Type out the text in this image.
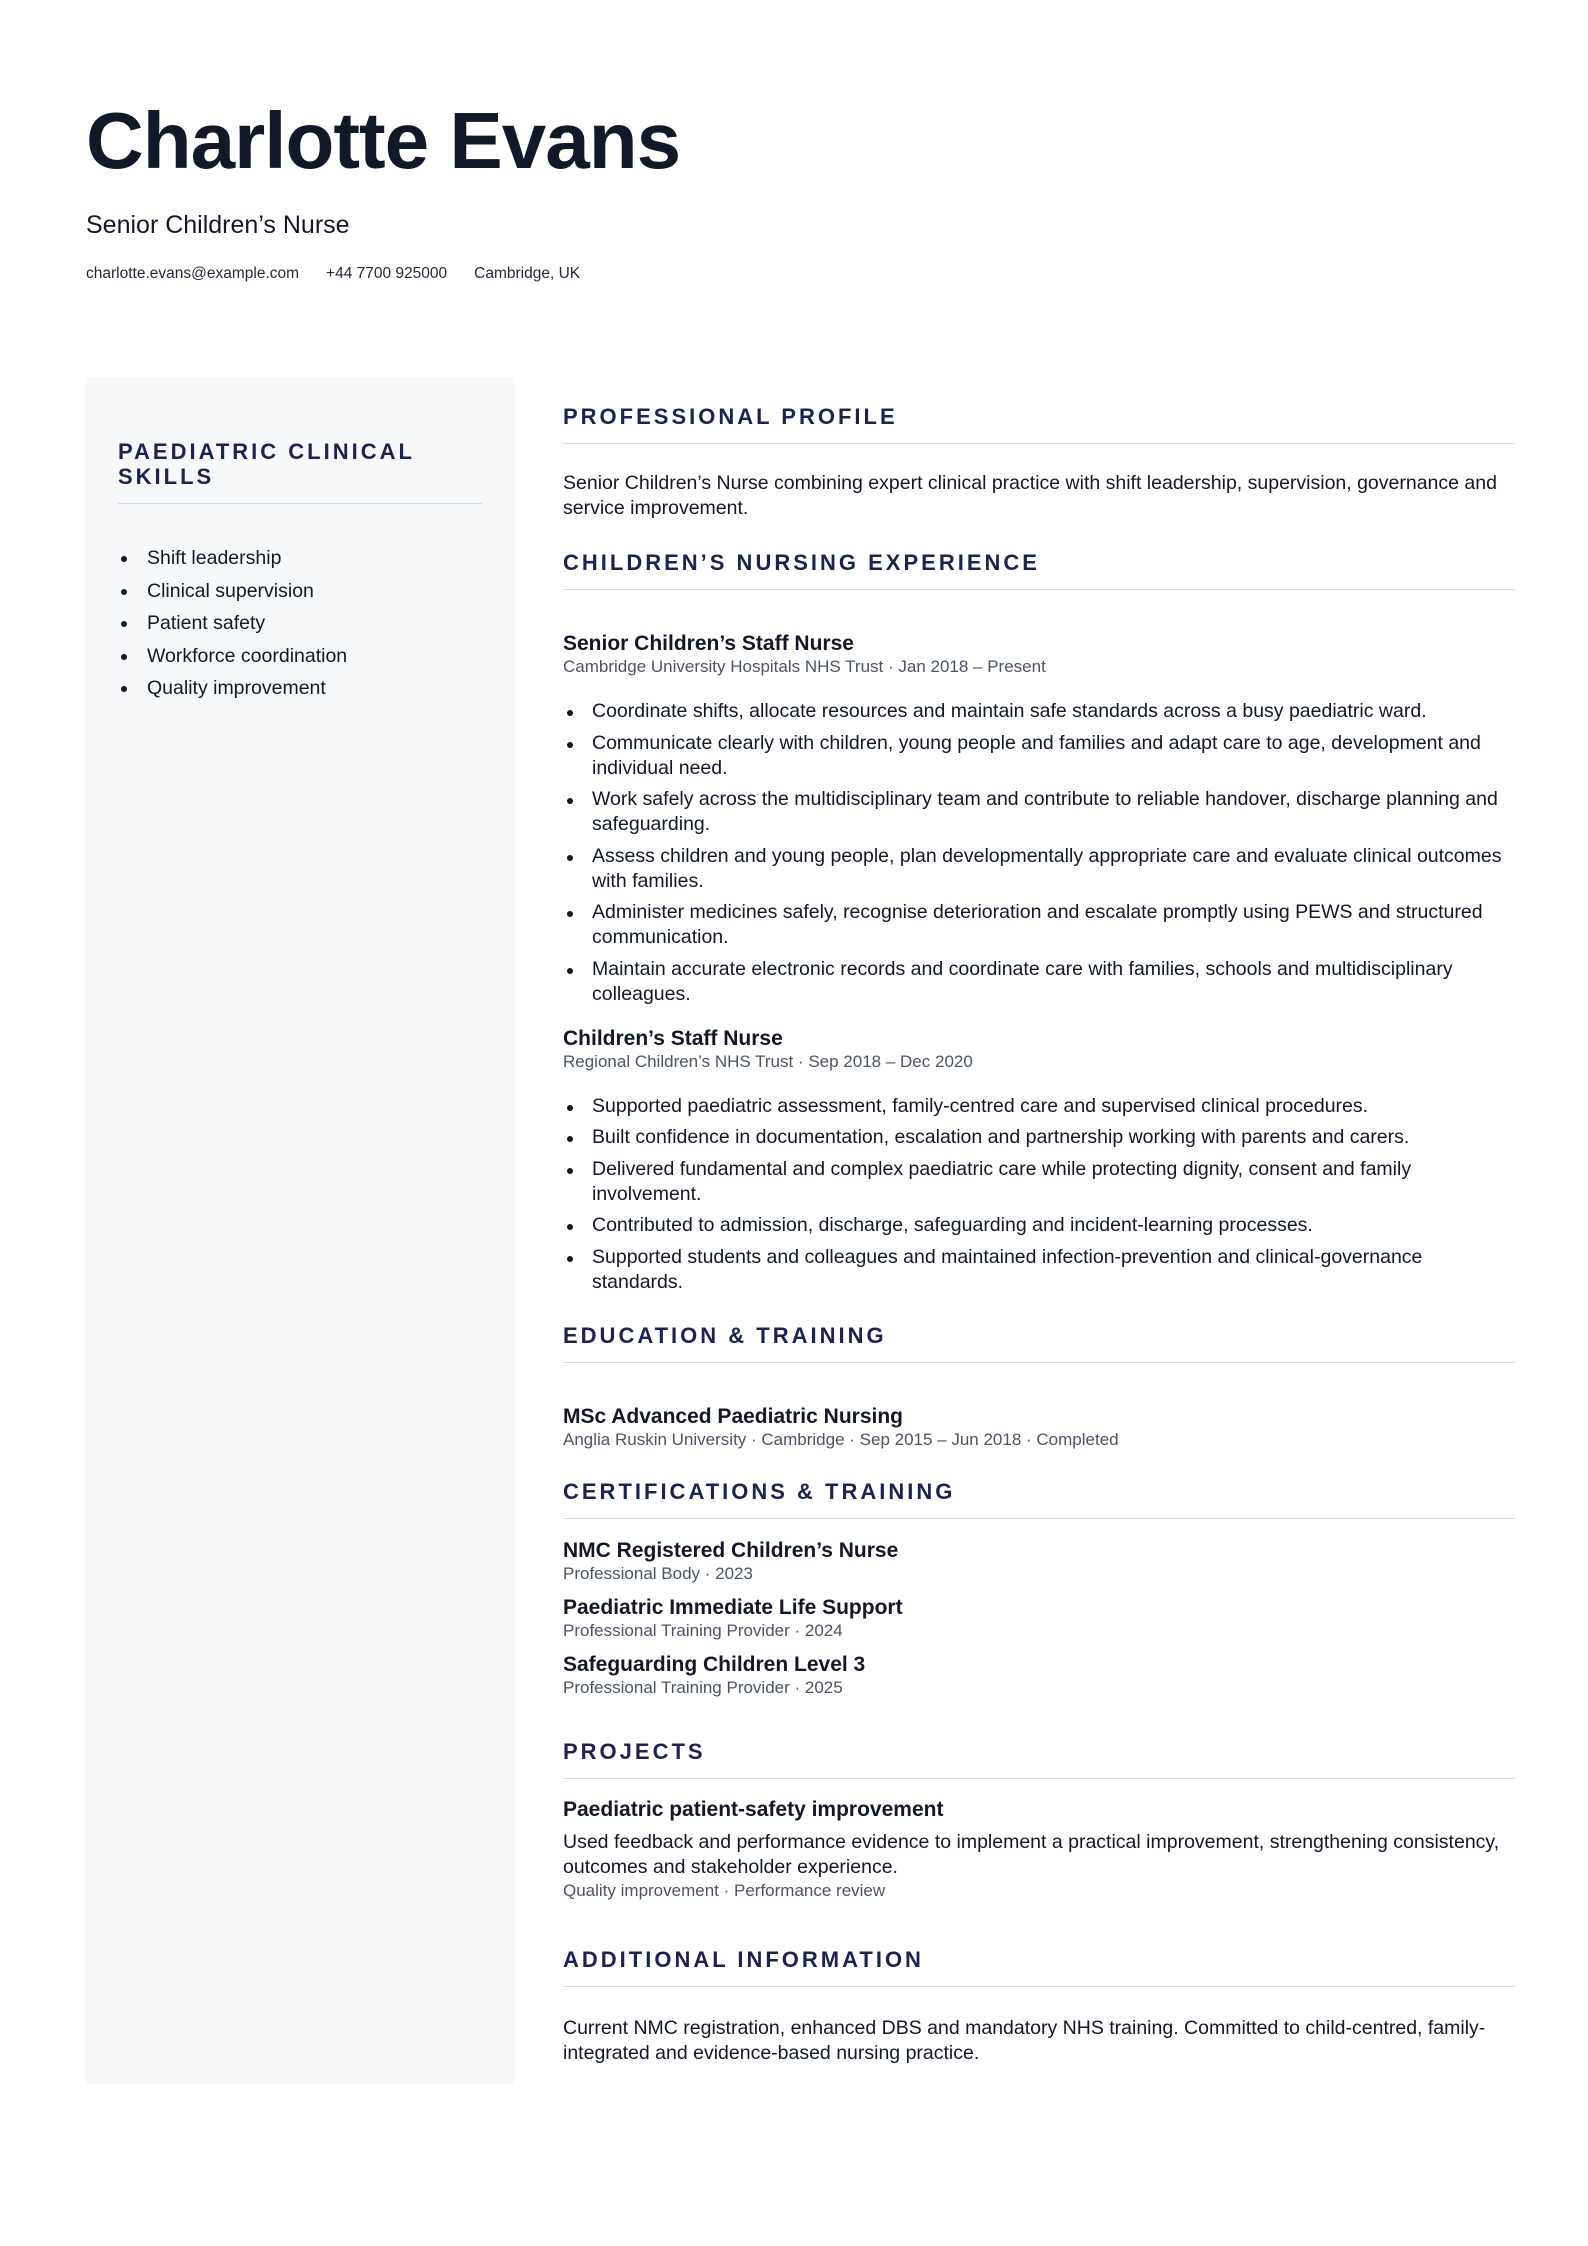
Charlotte Evans
Senior Children’s Nurse
charlotte.evans@example.com +44 7700 925000 Cambridge, UK
PAEDIATRIC CLINICAL SKILLS
Shift leadership
Clinical supervision
Patient safety
Workforce coordination
Quality improvement
PROFESSIONAL PROFILE

Senior Children’s Nurse combining expert clinical practice with shift leadership, supervision, governance and service improvement.

CHILDREN’S NURSING EXPERIENCE
Senior Children’s Staff Nurse
Cambridge University Hospitals NHS Trust · Jan 2018 – Present
Coordinate shifts, allocate resources and maintain safe standards across a busy paediatric ward.
Communicate clearly with children, young people and families and adapt care to age, development and individual need.
Work safely across the multidisciplinary team and contribute to reliable handover, discharge planning and safeguarding.
Assess children and young people, plan developmentally appropriate care and evaluate clinical outcomes with families.
Administer medicines safely, recognise deterioration and escalate promptly using PEWS and structured communication.
Maintain accurate electronic records and coordinate care with families, schools and multidisciplinary colleagues.
Children’s Staff Nurse
Regional Children’s NHS Trust · Sep 2018 – Dec 2020
Supported paediatric assessment, family-centred care and supervised clinical procedures.
Built confidence in documentation, escalation and partnership working with parents and carers.
Delivered fundamental and complex paediatric care while protecting dignity, consent and family involvement.
Contributed to admission, discharge, safeguarding and incident-learning processes.
Supported students and colleagues and maintained infection-prevention and clinical-governance standards.
EDUCATION & TRAINING
MSc Advanced Paediatric Nursing
Anglia Ruskin University · Cambridge · Sep 2015 – Jun 2018 · Completed
CERTIFICATIONS & TRAINING
NMC Registered Children’s Nurse
Professional Body · 2023
Paediatric Immediate Life Support
Professional Training Provider · 2024
Safeguarding Children Level 3
Professional Training Provider · 2025
PROJECTS
Paediatric patient-safety improvement

Used feedback and performance evidence to implement a practical improvement, strengthening consistency, outcomes and stakeholder experience.

Quality improvement · Performance review
ADDITIONAL INFORMATION

Current NMC registration, enhanced DBS and mandatory NHS training. Committed to child-centred, family-integrated and evidence-based nursing practice.
